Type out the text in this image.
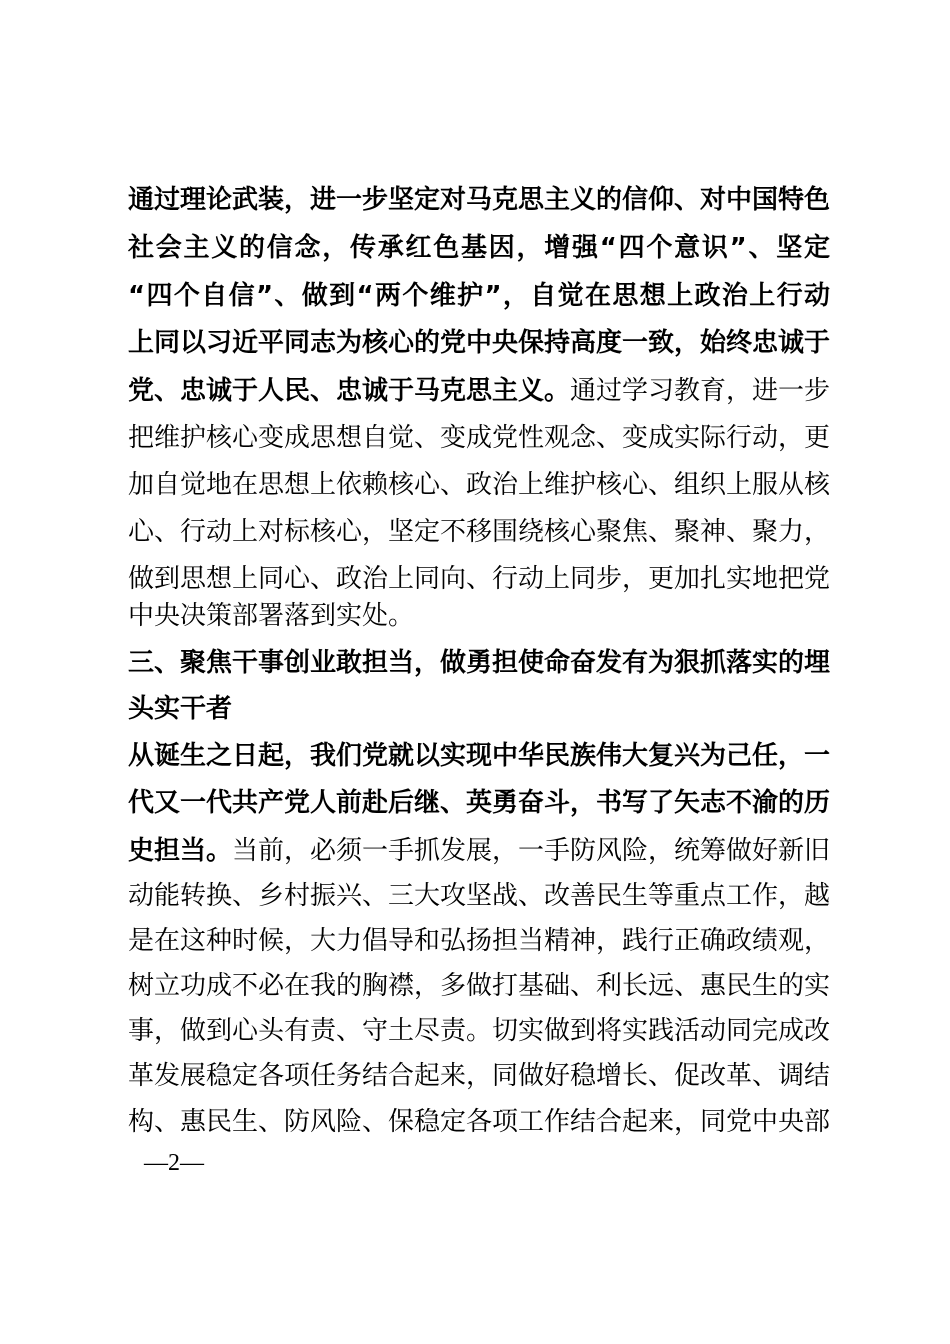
通过理论武装，进一步坚定对马克思主义的信仰、对中国特色
社会主义的信念，传承红色基因，增强“四个意识”、坚定
“四个自信”、做到“两个维护”，自觉在思想上政治上行动
上同以习近平同志为核心的党中央保持高度一致，始终忠诚于
党、忠诚于人民、忠诚于马克思主义。通过学习教育，进一步
把维护核心变成思想自觉、变成党性观念、变成实际行动，更
加自觉地在思想上依赖核心、政治上维护核心、组织上服从核
心、行动上对标核心，坚定不移围绕核心聚焦、聚神、聚力，
做到思想上同心、政治上同向、行动上同步，更加扎实地把党
中央决策部署落到实处。
三、聚焦干事创业敢担当，做勇担使命奋发有为狠抓落实的埋
头实干者
从诞生之日起，我们党就以实现中华民族伟大复兴为己任，一
代又一代共产党人前赴后继、英勇奋斗，书写了矢志不渝的历
史担当。当前，必须一手抓发展，一手防风险，统筹做好新旧
动能转换、乡村振兴、三大攻坚战、改善民生等重点工作，越
是在这种时候，大力倡导和弘扬担当精神，践行正确政绩观，
树立功成不必在我的胸襟，多做打基础、利长远、惠民生的实
事，做到心头有责、守土尽责。切实做到将实践活动同完成改
革发展稳定各项任务结合起来，同做好稳增长、促改革、调结
构、惠民生、防风险、保稳定各项工作结合起来，同党中央部
—2—
